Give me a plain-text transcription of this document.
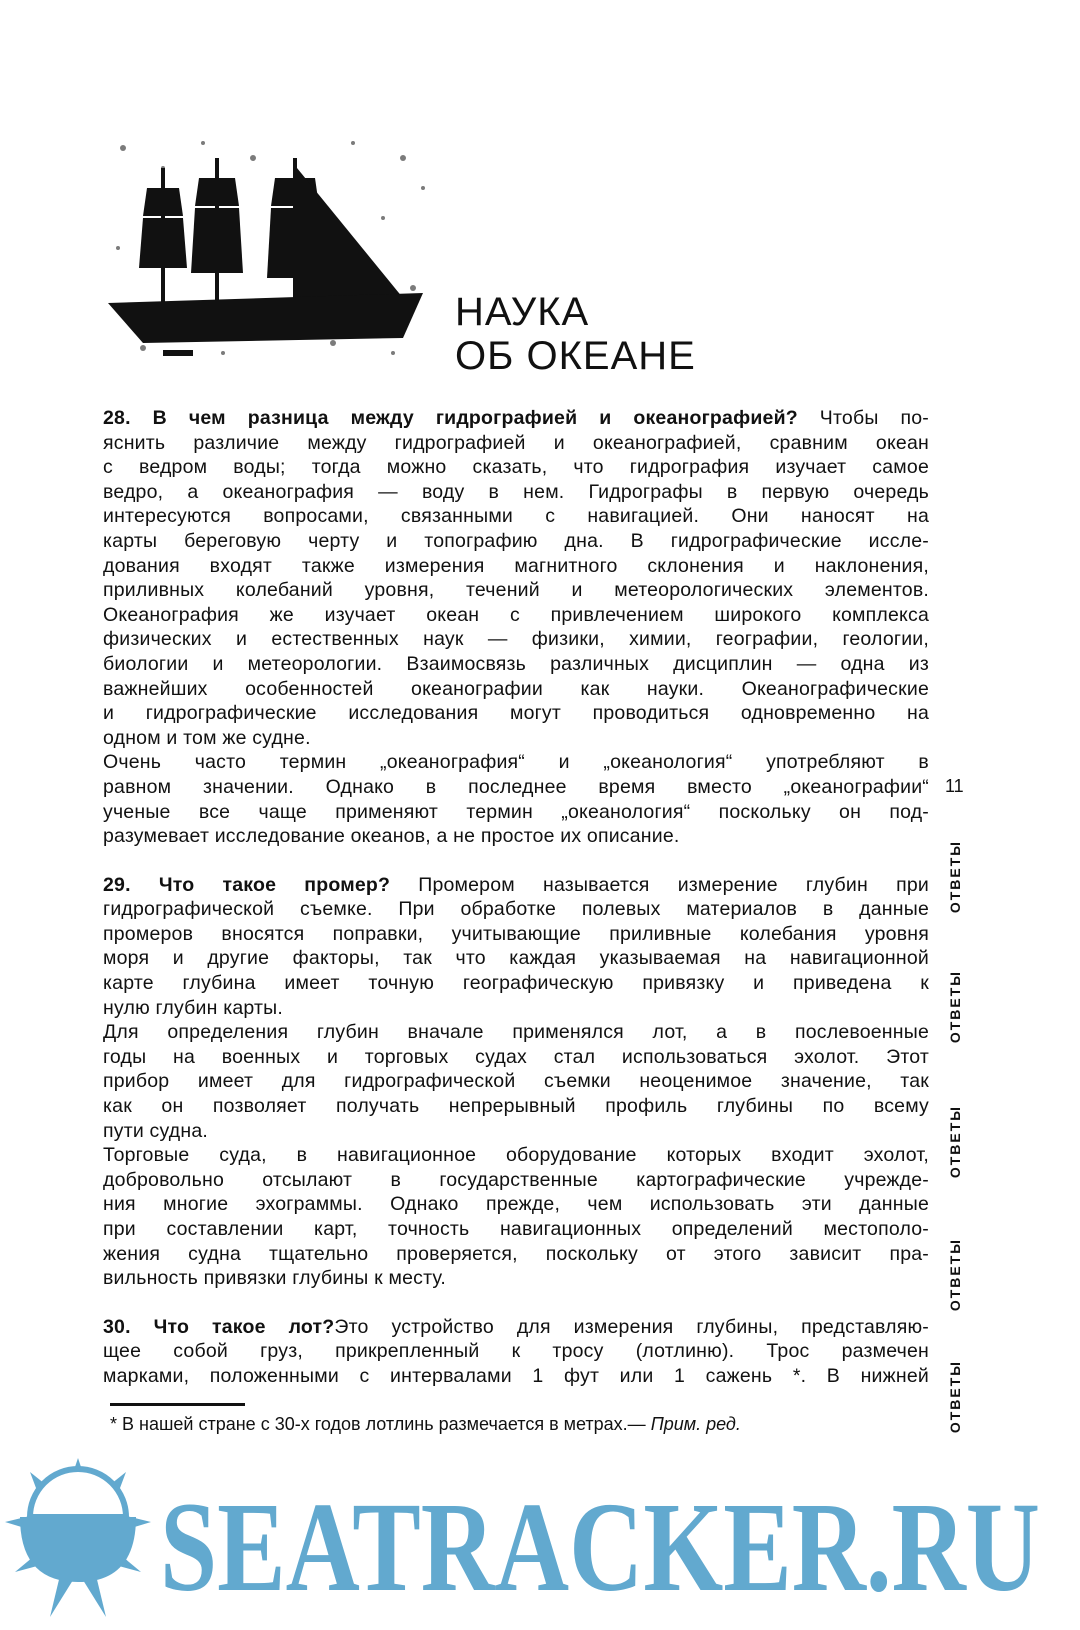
НАУКА
ОБ ОКЕАНЕ
28. В чем разница между гидрографией и океанографией? Чтобы по-
яснить различие между гидрографией и океанографией, сравним океан
с ведром воды; тогда можно сказать, что гидрография изучает самое
ведро, а океанография — воду в нем. Гидрографы в первую очередь
интересуются вопросами, связанными с навигацией. Они наносят на
карты береговую черту и топографию дна. В гидрографические иссле-
дования входят также измерения магнитного склонения и наклонения,
приливных колебаний уровня, течений и метеорологических элементов.
Океанография же изучает океан с привлечением широкого комплекса
физических и естественных наук — физики, химии, географии, геологии,
биологии и метеорологии. Взаимосвязь различных дисциплин — одна из
важнейших особенностей океанографии как науки. Океанографические
и гидрографические исследования могут проводиться одновременно на
одном и том же судне.
Очень часто термин „океанография“ и „океанология“ употребляют в
равном значении. Однако в последнее время вместо „океанографии“
ученые все чаще применяют термин „океанология“ поскольку он под-
разумевает исследование океанов, а не простое их описание.
29. Что такое промер? Промером называется измерение глубин при
гидрографической съемке. При обработке полевых материалов в данные
промеров вносятся поправки, учитывающие приливные колебания уровня
моря и другие факторы, так что каждая указываемая на навигационной
карте глубина имеет точную географическую привязку и приведена к
нулю глубин карты.
Для определения глубин вначале применялся лот, а в послевоенные
годы на военных и торговых судах стал использоваться эхолот. Этот
прибор имеет для гидрографической съемки неоценимое значение, так
как он позволяет получать непрерывный профиль глубины по всему
пути судна.
Торговые суда, в навигационное оборудование которых входит эхолот,
добровольно отсылают в государственные картографические учрежде-
ния многие эхограммы. Однако прежде, чем использовать эти данные
при составлении карт, точность навигационных определений местополо-
жения судна тщательно проверяется, поскольку от этого зависит пра-
вильность привязки глубины к месту.
30. Что такое лот?Это устройство для измерения глубины, представляю-
щее собой груз, прикрепленный к тросу (лотлиню). Трос размечен
марками, положенными с интервалами 1 фут или 1 сажень *. В нижней
11
ОТВЕТЫ
ОТВЕТЫ
ОТВЕТЫ
ОТВЕТЫ
ОТВЕТЫ
* В нашей стране с 30-х годов лотлинь размечается в метрах.— Прим. ред.
SEATRACKER.RU
